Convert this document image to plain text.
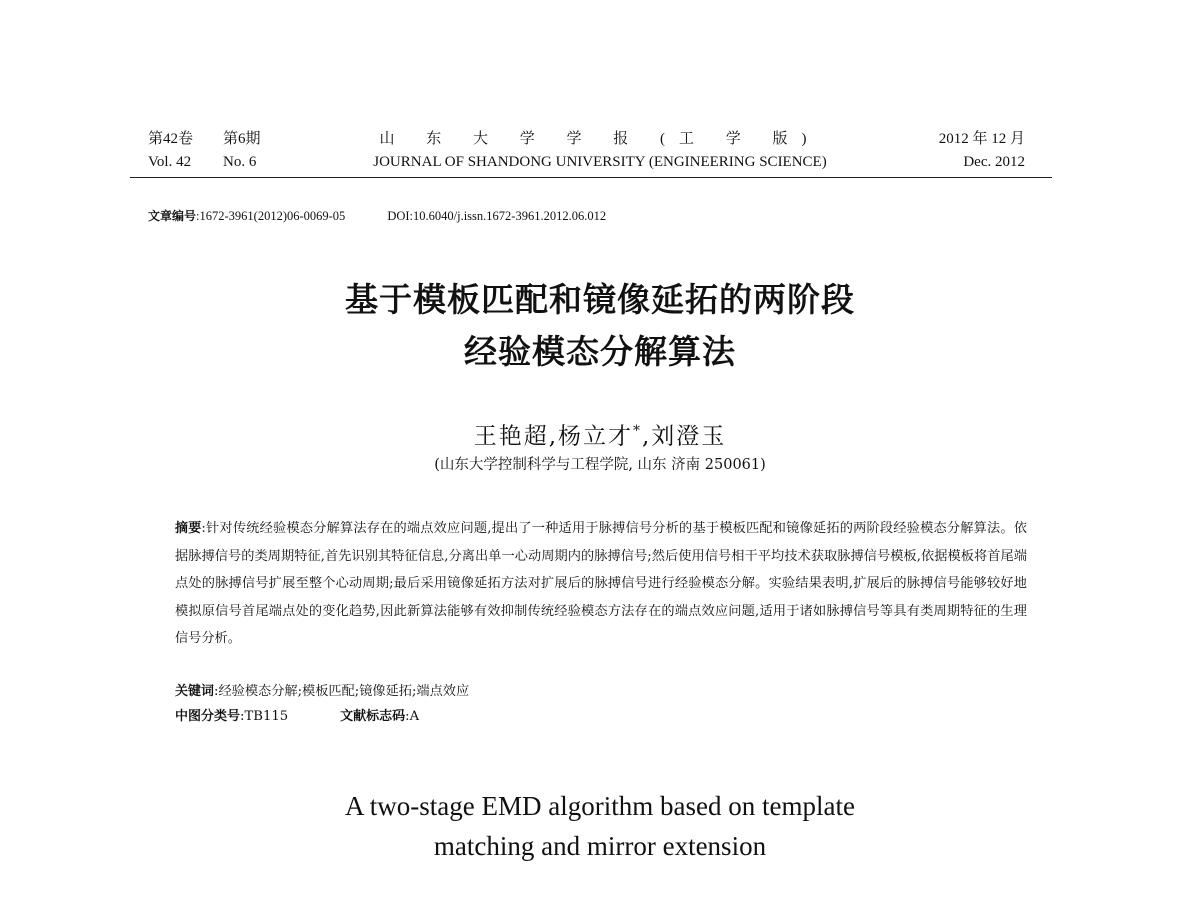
第42卷 第6期
Vol. 42 No. 6
山 东 大 学 学 报 (工 学 版)
JOURNAL OF SHANDONG UNIVERSITY (ENGINEERING SCIENCE)
2012 年 12 月
Dec. 2012
文章编号:1672-3961(2012)06-0069-05	DOI:10.6040/j.issn.1672-3961.2012.06.012
基于模板匹配和镜像延拓的两阶段
经验模态分解算法
王艳超,杨立才*,刘澄玉
(山东大学控制科学与工程学院, 山东 济南 250061)
摘要:针对传统经验模态分解算法存在的端点效应问题,提出了一种适用于脉搏信号分析的基于模板匹配和镜像延拓的两阶段经验模态分解算法。依据脉搏信号的类周期特征,首先识别其特征信息,分离出单一心动周期内的脉搏信号;然后使用信号相干平均技术获取脉搏信号模板,依据模板将首尾端点处的脉搏信号扩展至整个心动周期;最后采用镜像延拓方法对扩展后的脉搏信号进行经验模态分解。实验结果表明,扩展后的脉搏信号能够较好地模拟原信号首尾端点处的变化趋势,因此新算法能够有效抑制传统经验模态方法存在的端点效应问题,适用于诸如脉搏信号等具有类周期特征的生理信号分析。
关键词:经验模态分解;模板匹配;镜像延拓;端点效应
中图分类号:TB115	文献标志码:A
A two-stage EMD algorithm based on template
matching and mirror extension
